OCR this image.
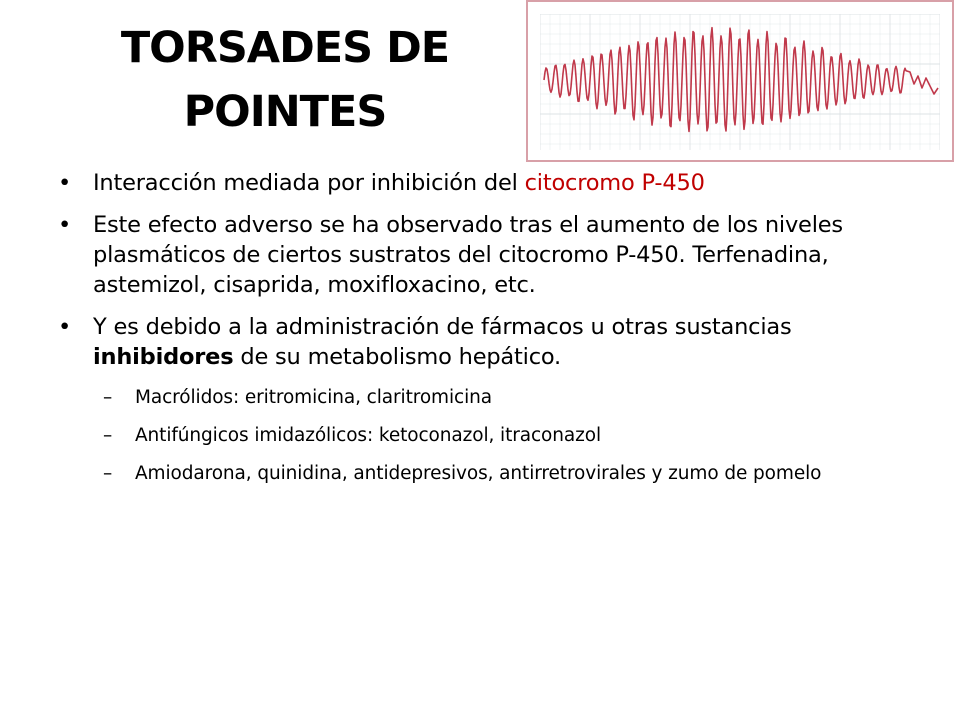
TORSADES DE
POINTES
• Interacción mediada por inhibición del citocromo P-450
• Este efecto adverso se ha observado tras el aumento de los niveles plasmáticos de ciertos sustratos del citocromo P-450. Terfenadina, astemizol, cisaprida, moxifloxacino, etc.
• Y es debido a la administración de fármacos u otras sustancias inhibidores de su metabolismo hepático.
– Macrólidos: eritromicina, claritromicina
– Antifúngicos imidazólicos: ketoconazol, itraconazol
– Amiodarona, quinidina, antidepresivos, antirretrovirales y zumo de pomelo
